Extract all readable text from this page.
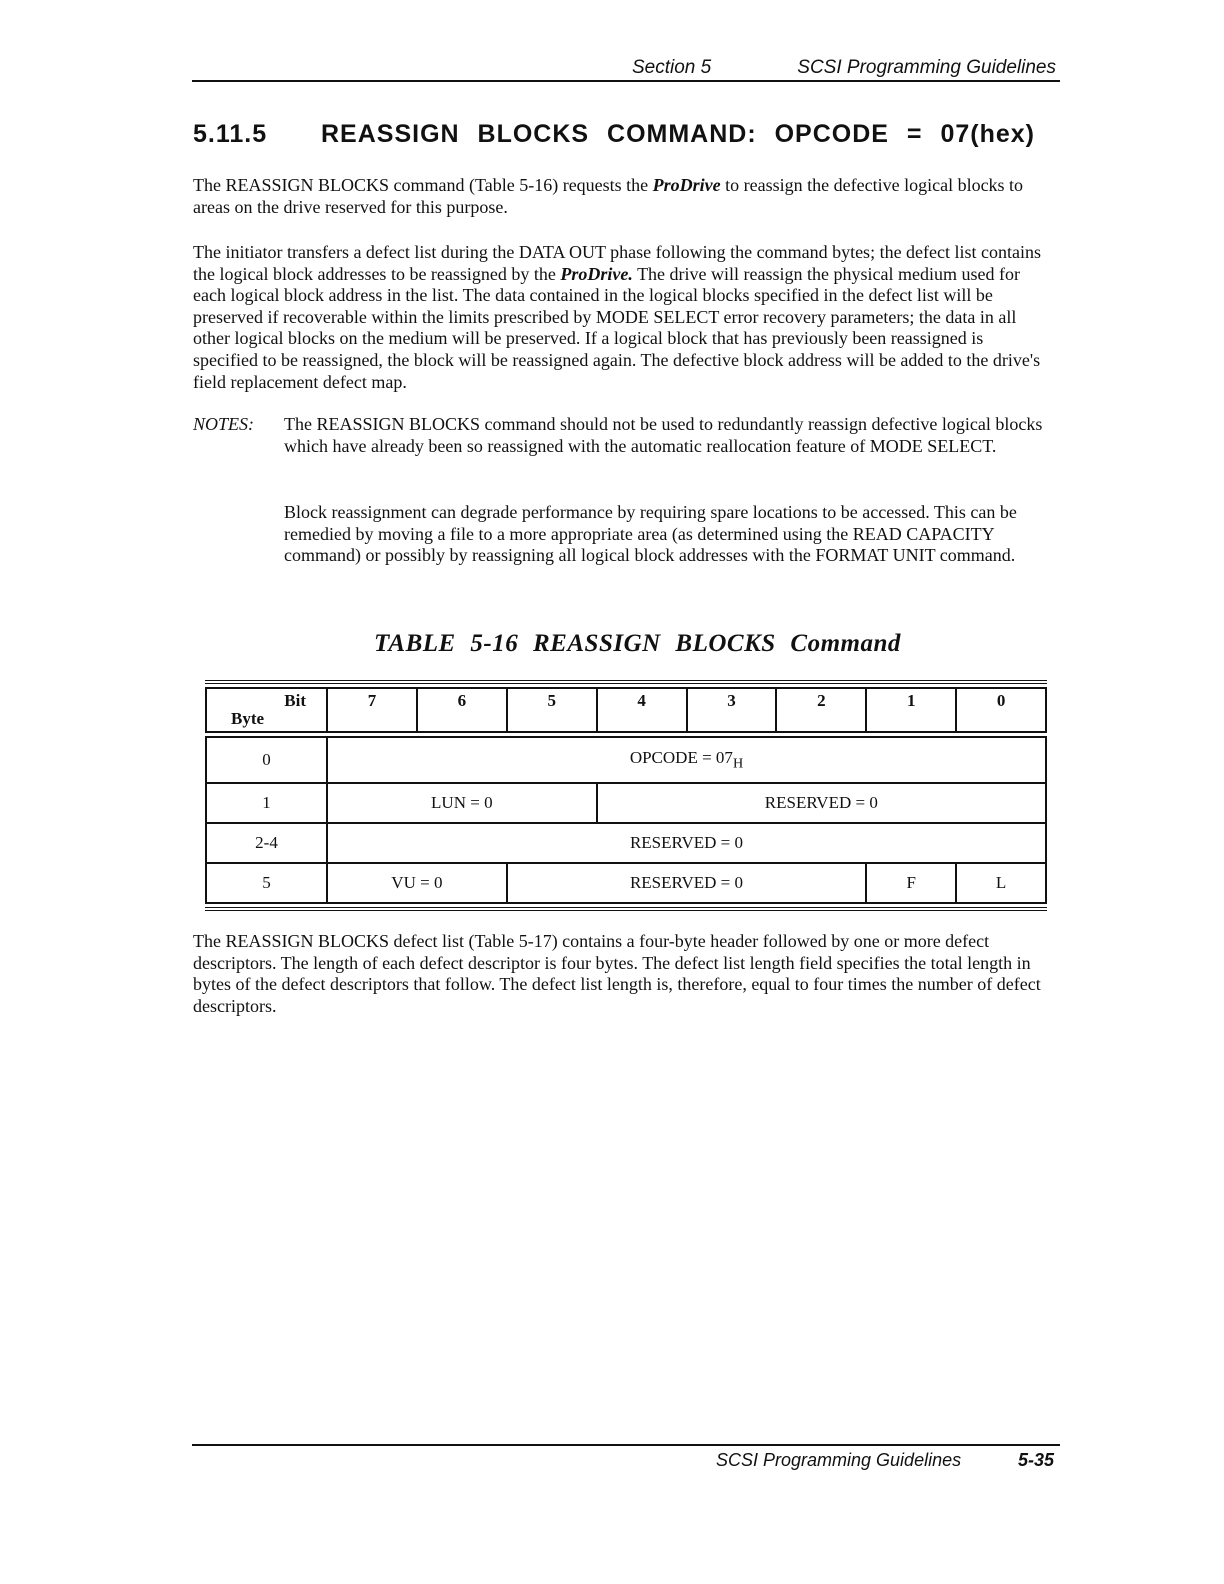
Section 5	SCSI Programming Guidelines
5.11.5 REASSIGN BLOCKS COMMAND: OPCODE = 07(hex)

The REASSIGN BLOCKS command (Table 5-16) requests the ProDrive to reassign the defective logical blocks to areas on the drive reserved for this purpose.

The initiator transfers a defect list during the DATA OUT phase following the command bytes; the defect list contains the logical block addresses to be reassigned by the ProDrive. The drive will reassign the physical medium used for each logical block address in the list. The data contained in the logical blocks specified in the defect list will be preserved if recoverable within the limits prescribed by MODE SELECT error recovery parameters; the data in all other logical blocks on the medium will be preserved. If a logical block that has previously been reassigned is specified to be reassigned, the block will be reassigned again. The defective block address will be added to the drive's field replacement defect map.

NOTES: The REASSIGN BLOCKS command should not be used to redundantly reassign defective logical blocks which have already been so reassigned with the automatic reallocation feature of MODE SELECT.

Block reassignment can degrade performance by requiring spare locations to be accessed. This can be remedied by moving a file to a more appropriate area (as determined using the READ CAPACITY command) or possibly by reassigning all logical block addresses with the FORMAT UNIT command.

TABLE 5-16 REASSIGN BLOCKS Command
Bit
Byte	7	6	5	4	3	2	1	0

0	OPCODE = $07_H$
1	LUN = 0			RESERVED = 0				
2-4	RESERVED = 0							
5	VU = 0		RESERVED = 0				F	L

The REASSIGN BLOCKS defect list (Table 5-17) contains a four-byte header followed by one or more defect descriptors. The length of each defect descriptor is four bytes. The defect list length field specifies the total length in bytes of the defect descriptors that follow. The defect list length is, therefore, equal to four times the number of defect descriptors.

SCSI Programming Guidelines	5-35
